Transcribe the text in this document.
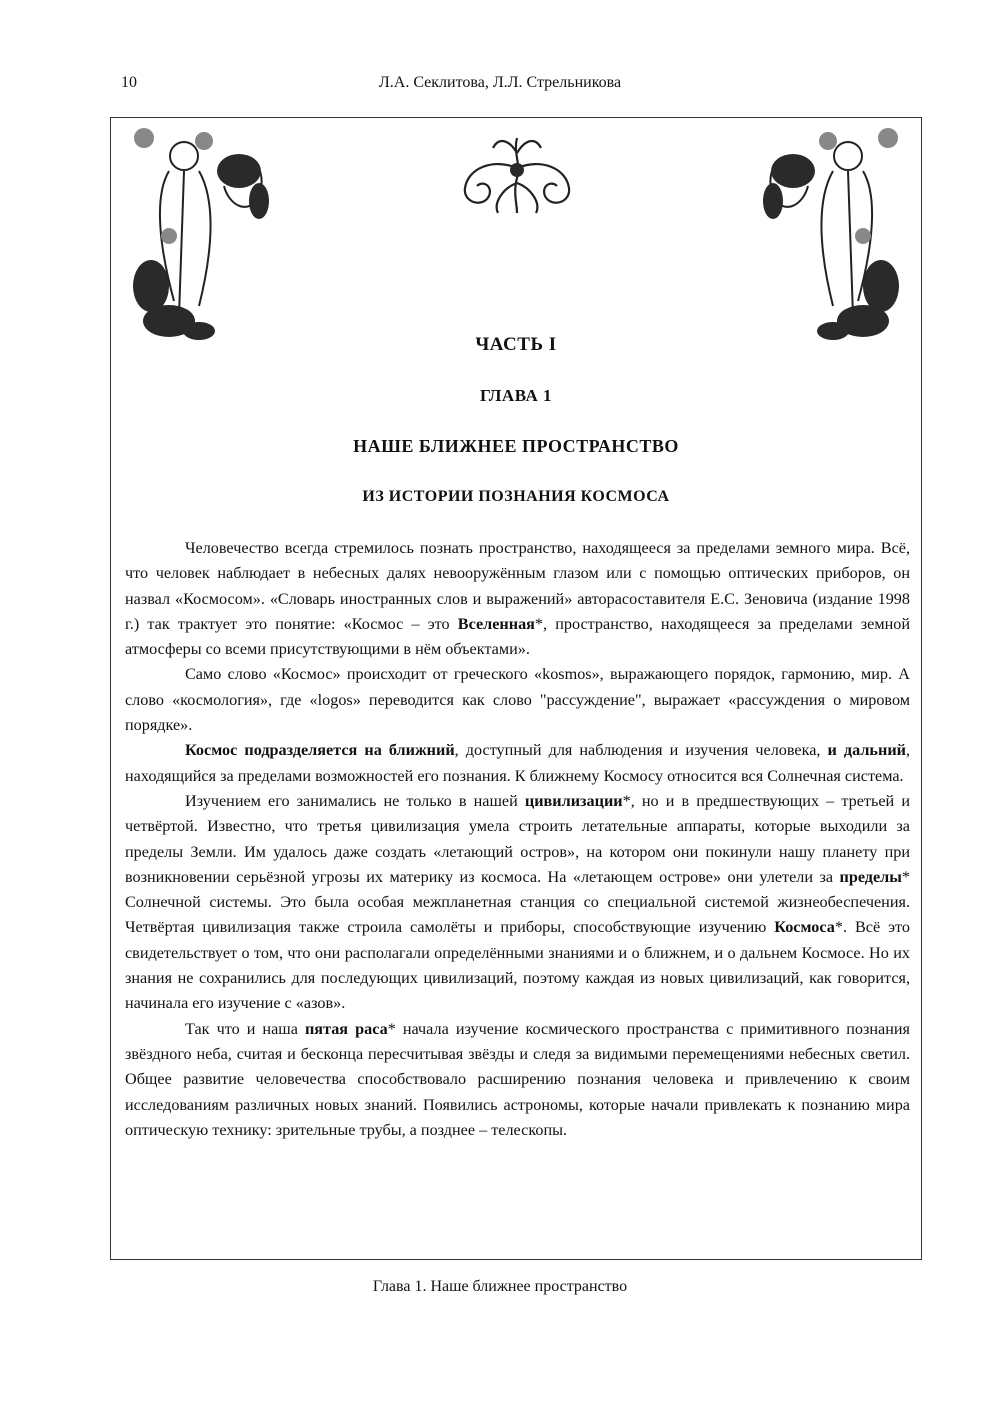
10	Л.А. Секлитова, Л.Л. Стрельникова
ЧАСТЬ I
ГЛАВА 1
НАШЕ БЛИЖНЕЕ ПРОСТРАНСТВО
ИЗ ИСТОРИИ ПОЗНАНИЯ КОСМОСА

Человечество всегда стремилось познать пространство, находящееся за пределами земного мира. Всё, что человек наблюдает в небесных далях невооружённым глазом или с помощью оптических приборов, он назвал «Космосом». «Словарь иностранных слов и выражений» авторасоставителя Е.С. Зеновича (издание 1998 г.) так трактует это понятие: «Космос – это Вселенная*, пространство, находящееся за пределами земной атмосферы со всеми присутствующими в нём объектами».

Само слово «Космос» происходит от греческого «kosmos», выражающего порядок, гармонию, мир. А слово «космология», где «logos» переводится как слово "рассуждение", выражает «рассуждения о мировом порядке».

Космос подразделяется на ближний, доступный для наблюдения и изучения человека, и дальний, находящийся за пределами возможностей его познания. К ближнему Космосу относится вся Солнечная система.

Изучением его занимались не только в нашей цивилизации*, но и в предшествующих – третьей и четвёртой. Известно, что третья цивилизация умела строить летательные аппараты, которые выходили за пределы Земли. Им удалось даже создать «летающий остров», на котором они покинули нашу планету при возникновении серьёзной угрозы их материку из космоса. На «летающем острове» они улетели за пределы* Солнечной системы. Это была особая межпланетная станция со специальной системой жизнеобеспечения. Четвёртая цивилизация также строила самолёты и приборы, способствующие изучению Космоса*. Всё это свидетельствует о том, что они располагали определёнными знаниями и о ближнем, и о дальнем Космосе. Но их знания не сохранились для последующих цивилизаций, поэтому каждая из новых цивилизаций, как говорится, начинала его изучение с «азов».

Так что и наша пятая раса* начала изучение космического пространства с примитивного познания звёздного неба, считая и бесконца пересчитывая звёзды и следя за видимыми перемещениями небесных светил. Общее развитие человечества способствовало расширению познания человека и привлечению к своим исследованиям различных новых знаний. Появились астрономы, которые начали привлекать к познанию мира оптическую технику: зрительные трубы, а позднее – телескопы.

Глава 1. Наше ближнее пространство
